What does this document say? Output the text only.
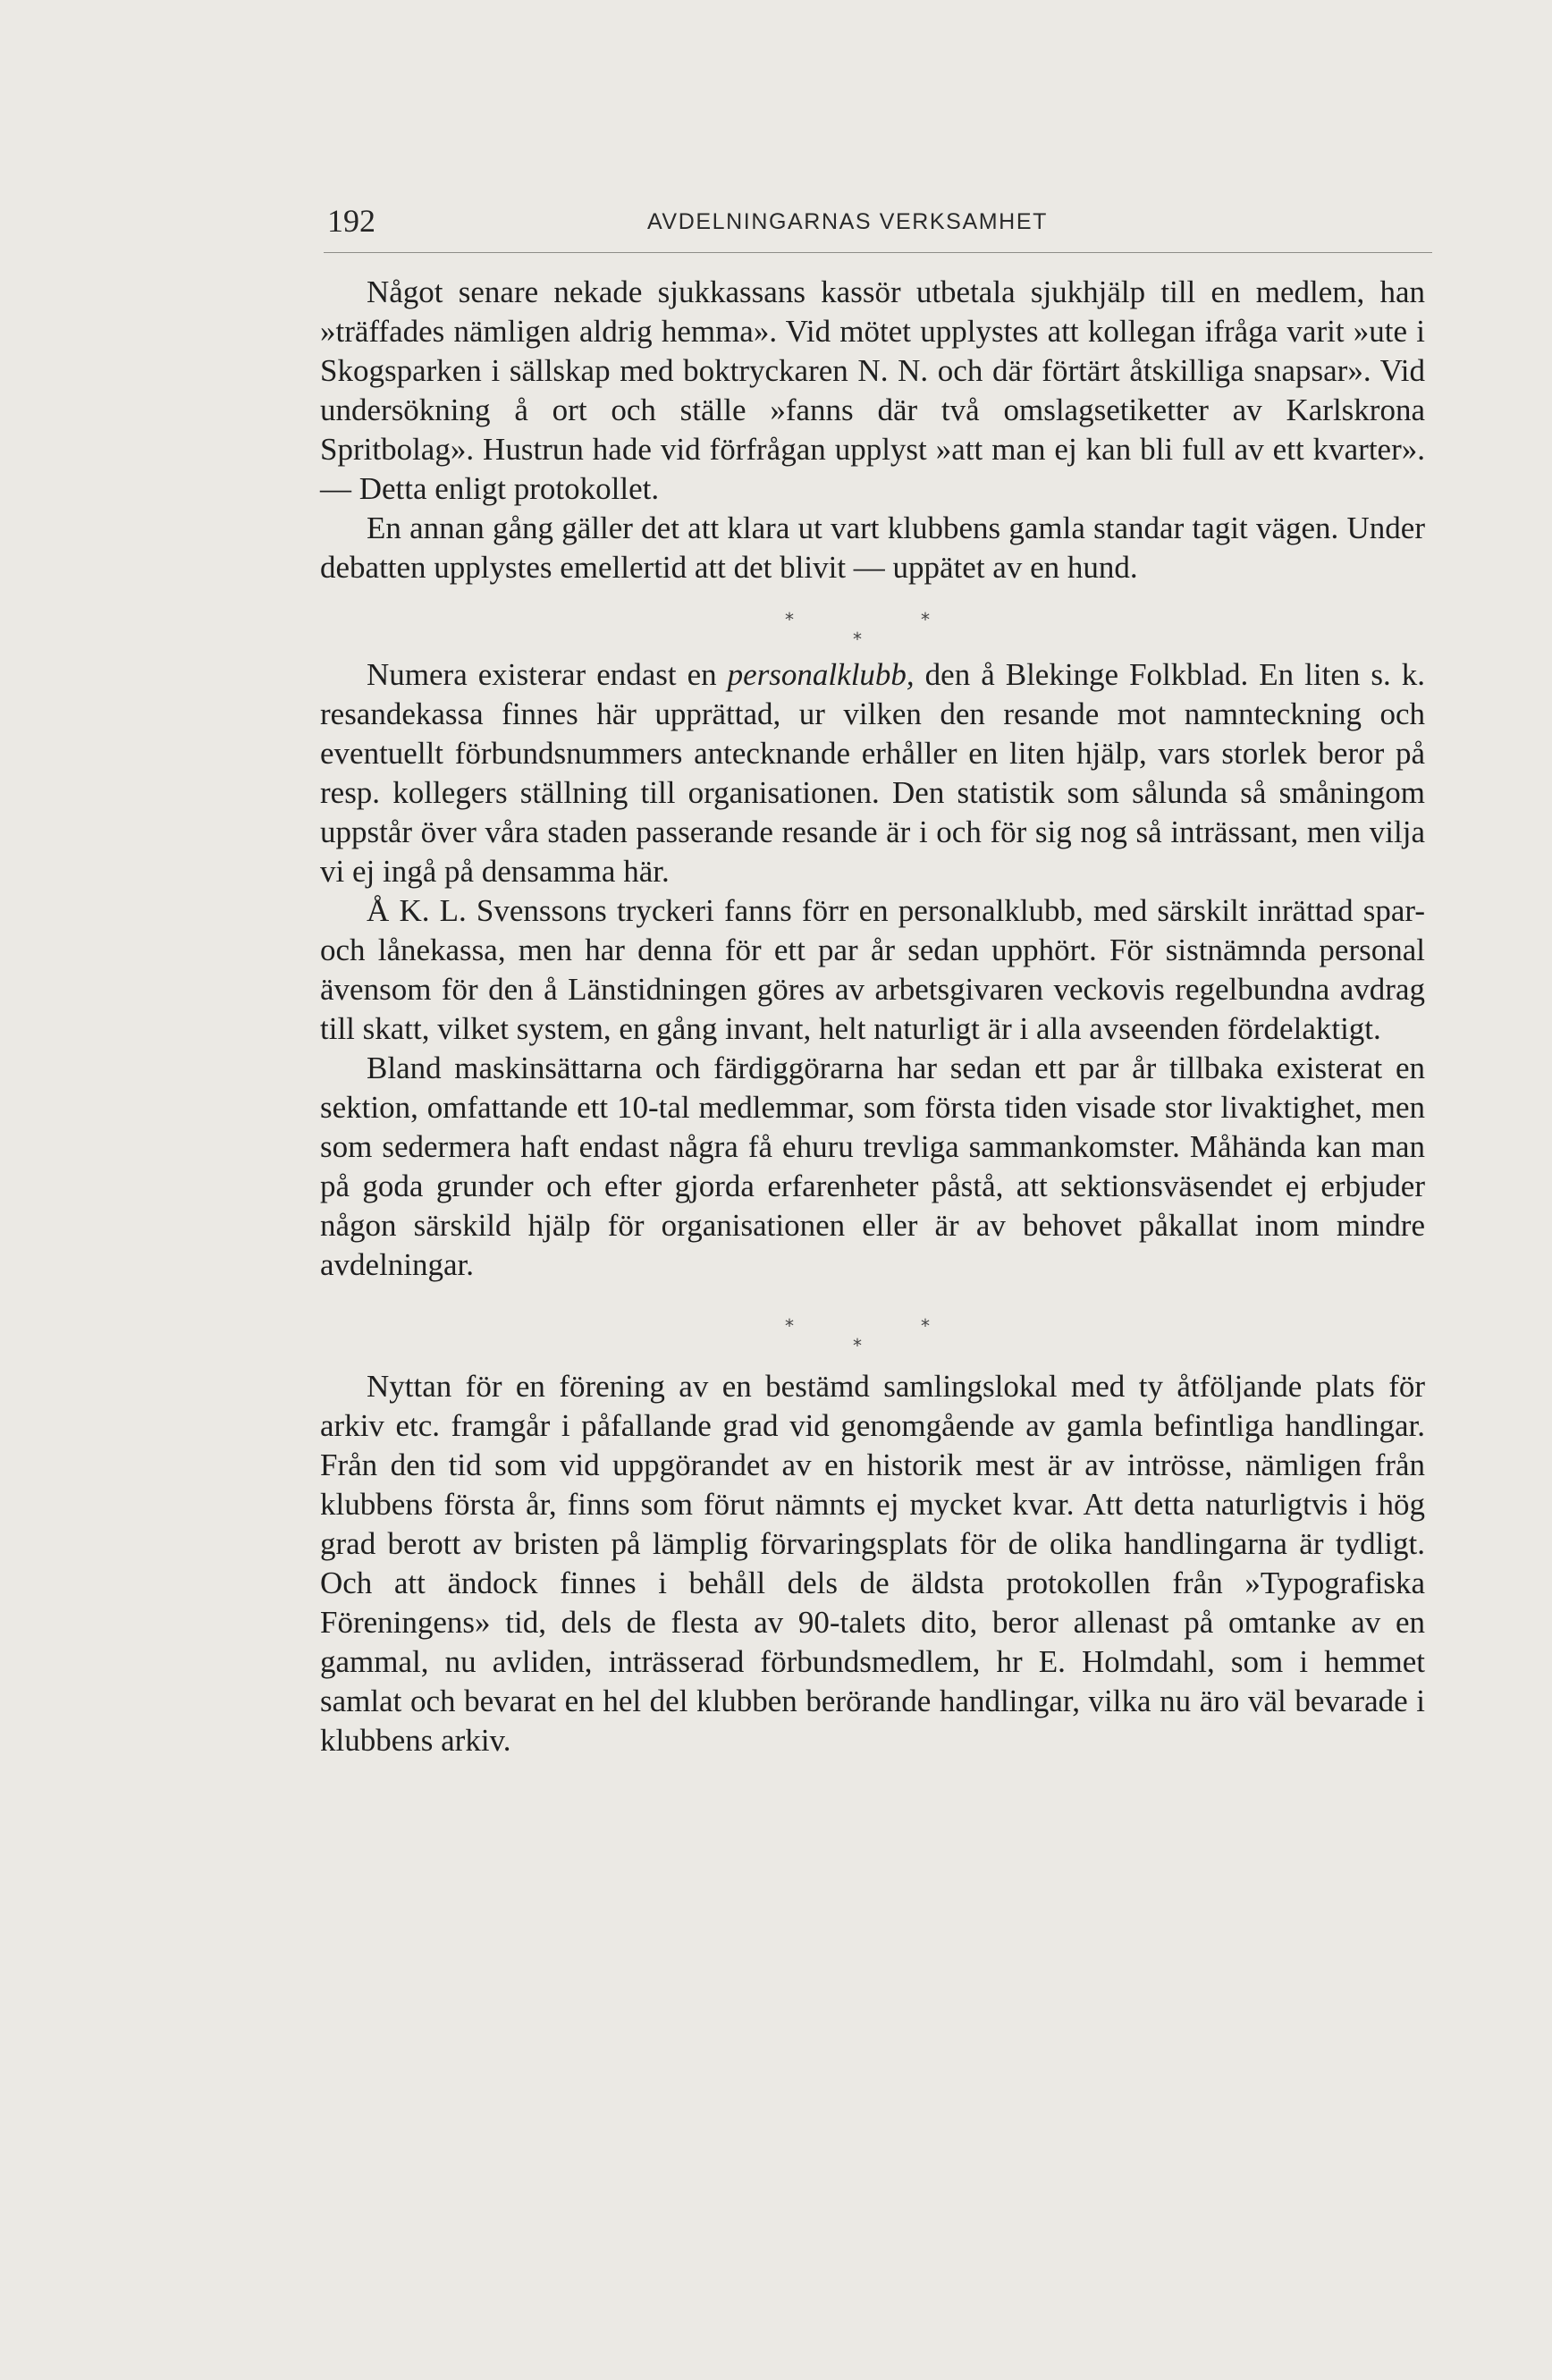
192	AVDELNINGARNAS VERKSAMHET

Något senare nekade sjukkassans kassör utbetala sjukhjälp till en medlem, han »träffades nämligen aldrig hemma». Vid mötet upplystes att kollegan ifråga varit »ute i Skogsparken i sällskap med boktryckaren N. N. och där förtärt åtskilliga snapsar». Vid undersökning å ort och ställe »fanns där två omslagsetiketter av Karlskrona Spritbolag». Hustrun hade vid förfrågan upplyst »att man ej kan bli full av ett kvarter». — Detta enligt protokollet.

En annan gång gäller det att klara ut vart klubbens gamla standar tagit vägen. Under debatten upplystes emellertid att det blivit — uppätet av en hund.

*	*
*

Numera existerar endast en personalklubb, den å Blekinge Folkblad. En liten s. k. resandekassa finnes här upprättad, ur vilken den resande mot namnteckning och eventuellt förbundsnummers antecknande erhåller en liten hjälp, vars storlek beror på resp. kollegers ställning till organisationen. Den statistik som sålunda så småningom uppstår över våra staden passerande resande är i och för sig nog så inträssant, men vilja vi ej ingå på densamma här.

Å K. L. Svenssons tryckeri fanns förr en personalklubb, med särskilt inrättad spar- och lånekassa, men har denna för ett par år sedan upphört. För sistnämnda personal ävensom för den å Länstidningen göres av arbetsgivaren veckovis regelbundna avdrag till skatt, vilket system, en gång invant, helt naturligt är i alla avseenden fördelaktigt.

Bland maskinsättarna och färdiggörarna har sedan ett par år tillbaka existerat en sektion, omfattande ett 10-tal medlemmar, som första tiden visade stor livaktighet, men som sedermera haft endast några få ehuru trevliga sammankomster. Måhända kan man på goda grunder och efter gjorda erfarenheter påstå, att sektionsväsendet ej erbjuder någon särskild hjälp för organisationen eller är av behovet påkallat inom mindre avdelningar.

*	*
*

Nyttan för en förening av en bestämd samlingslokal med ty åtföljande plats för arkiv etc. framgår i påfallande grad vid genomgående av gamla befintliga handlingar. Från den tid som vid uppgörandet av en historik mest är av intrösse, nämligen från klubbens första år, finns som förut nämnts ej mycket kvar. Att detta naturligtvis i hög grad berott av bristen på lämplig förvaringsplats för de olika handlingarna är tydligt. Och att ändock finnes i behåll dels de äldsta protokollen från »Typografiska Föreningens» tid, dels de flesta av 90-talets dito, beror allenast på omtanke av en gammal, nu avliden, inträsserad förbundsmedlem, hr E. Holmdahl, som i hemmet samlat och bevarat en hel del klubben berörande handlingar, vilka nu äro väl bevarade i klubbens arkiv.
